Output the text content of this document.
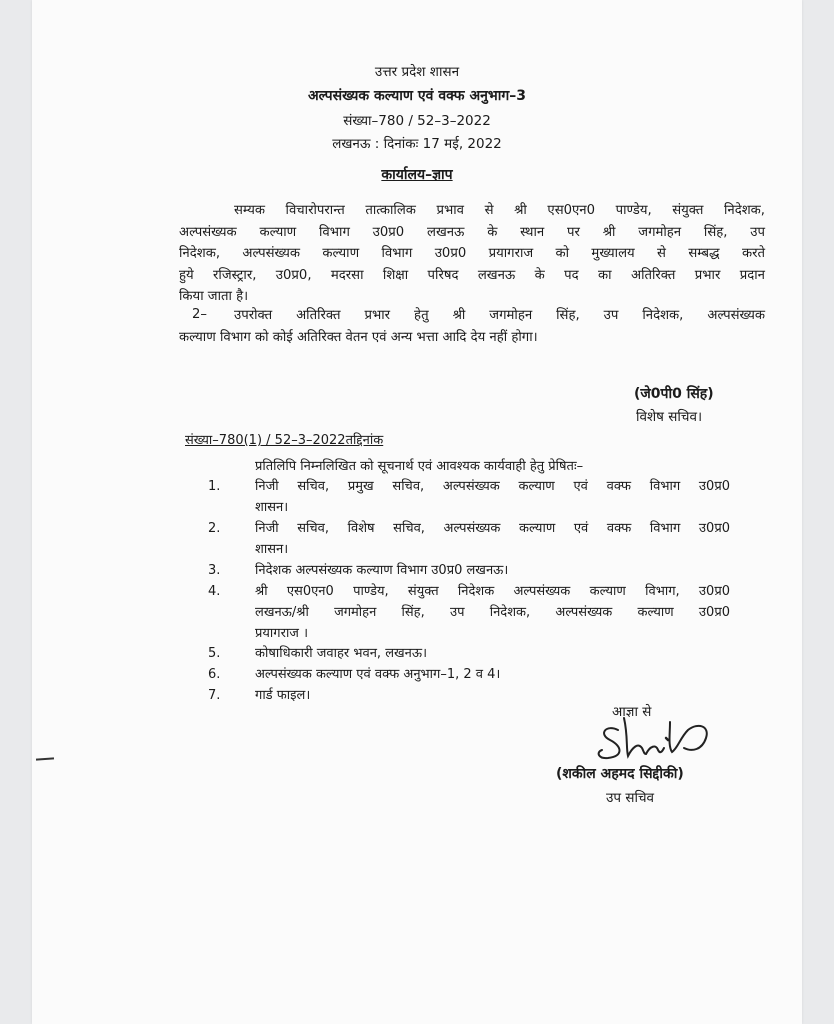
उत्तर प्रदेश शासन
अल्पसंख्यक कल्याण एवं वक्फ अनुभाग–3
संख्या–780 / 52–3–2022
लखनऊ : दिनांकः 17 मई, 2022
कार्यालय–ज्ञाप
सम्यक विचारोपरान्त तात्कालिक प्रभाव से श्री एस0एन0 पाण्डेय, संयुक्त निदेशक,
अल्पसंख्यक कल्याण विभाग उ0प्र0 लखनऊ के स्थान पर श्री जगमोहन सिंह, उप
निदेशक, अल्पसंख्यक कल्याण विभाग उ0प्र0 प्रयागराज को मुख्यालय से सम्बद्ध करते
हुये रजिस्ट्रार, उ0प्र0, मदरसा शिक्षा परिषद लखनऊ के पद का अतिरिक्त प्रभार प्रदान
किया जाता है।
2–	उपरोक्त अतिरिक्त प्रभार हेतु श्री जगमोहन सिंह, उप निदेशक, अल्पसंख्यक
कल्याण विभाग को कोई अतिरिक्त वेतन एवं अन्य भत्ता आदि देय नहीं होगा।
(जे0पी0 सिंह)
विशेष सचिव।
संख्या–780(1) / 52–3–2022तद्दिनांक
प्रतिलिपि निम्नलिखित को सूचनार्थ एवं आवश्यक कार्यवाही हेतु प्रेषितः–
1.	निजी सचिव, प्रमुख सचिव, अल्पसंख्यक कल्याण एवं वक्फ विभाग उ0प्र0
शासन।
2.	निजी सचिव, विशेष सचिव, अल्पसंख्यक कल्याण एवं वक्फ विभाग उ0प्र0
शासन।
3.	निदेशक अल्पसंख्यक कल्याण विभाग उ0प्र0 लखनऊ।
4.	श्री एस0एन0 पाण्डेय, संयुक्त निदेशक अल्पसंख्यक कल्याण विभाग, उ0प्र0
लखनऊ/श्री जगमोहन सिंह, उप निदेशक, अल्पसंख्यक कल्याण उ0प्र0
प्रयागराज ।
5.	कोषाधिकारी जवाहर भवन, लखनऊ।
6.	अल्पसंख्यक कल्याण एवं वक्फ अनुभाग–1, 2 व 4।
7.	गार्ड फाइल।
आज्ञा से
(शकील अहमद सिद्दीकी)
उप सचिव
